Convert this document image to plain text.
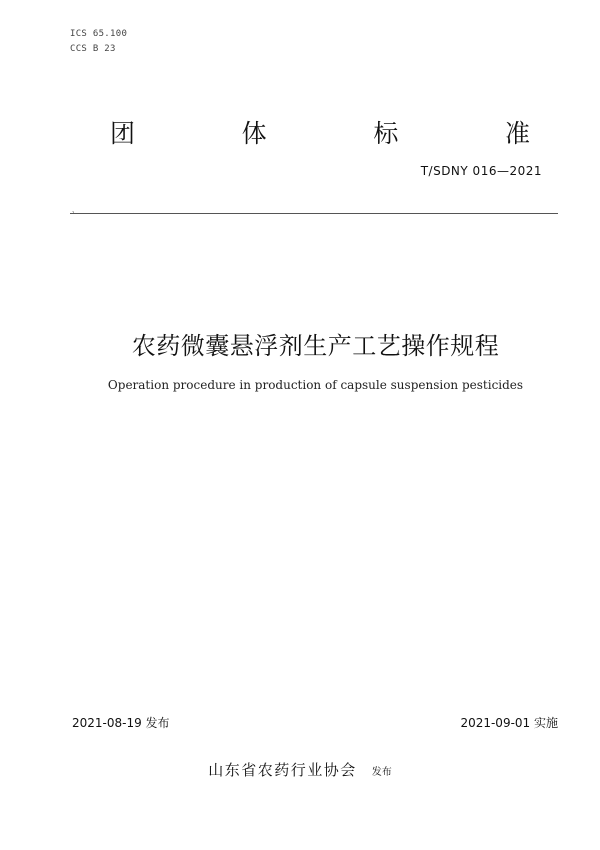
ICS 65.100
CCS B 23
团	体	标	准
T/SDNY 016—2021
、
农药微囊悬浮剂生产工艺操作规程
Operation procedure in production of capsule suspension pesticides
2021-08-19 发布	2021-09-01 实施
山东省农药行业协会 发布
